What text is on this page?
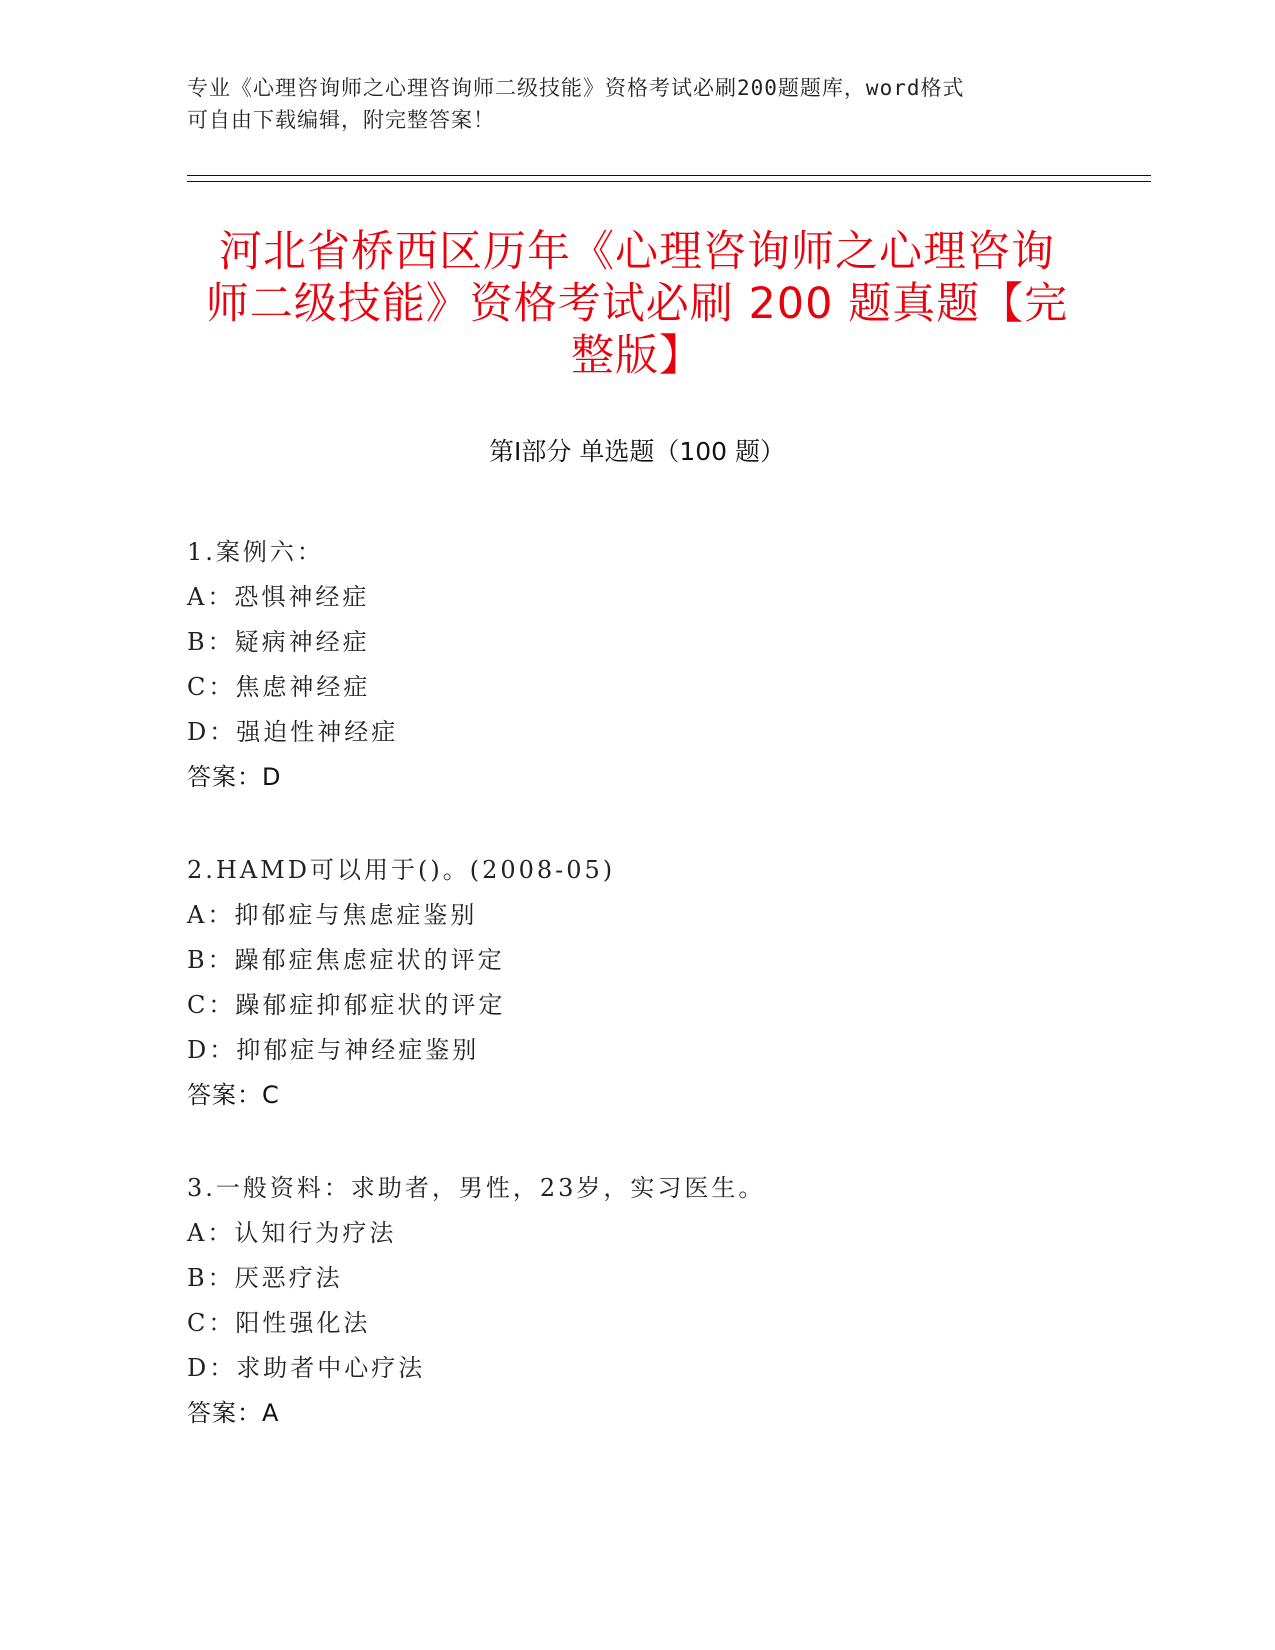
专业《心理咨询师之心理咨询师二级技能》资格考试必刷200题题库，word格式
可自由下载编辑，附完整答案！
河北省桥西区历年《心理咨询师之心理咨询
师二级技能》资格考试必刷 200 题真题【完
整版】
第Ⅰ部分 单选题（100 题）
1.案例六：
A：恐惧神经症
B：疑病神经症
C：焦虑神经症
D：强迫性神经症
答案：D
2.HAMD可以用于()。(2008-05)
A：抑郁症与焦虑症鉴别
B：躁郁症焦虑症状的评定
C：躁郁症抑郁症状的评定
D：抑郁症与神经症鉴别
答案：C
3.一般资料：求助者，男性，23岁，实习医生。
A：认知行为疗法
B：厌恶疗法
C：阳性强化法
D：求助者中心疗法
答案：A
